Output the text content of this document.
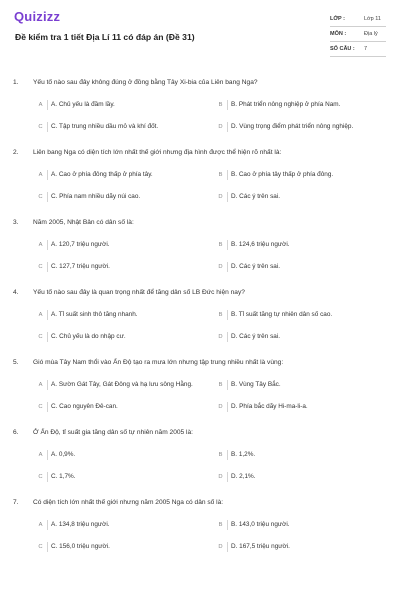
Quizizz
Đề kiểm tra 1 tiết Địa Lí 11 có đáp án (Đề 31)
LỚP :	Lớp 11
MÔN :	Địa lý
SỐ CÂU : 7
1. Yếu tố nào sau đây không đúng ở đồng bằng Tây Xi-bia của Liên bang Nga?
A	A. Chủ yếu là đầm lầy.	B	B. Phát triển nông nghiệp ở phía Nam.
C	C. Tập trung nhiều dầu mỏ và khí đốt.	D	D. Vùng trọng điểm phát triển nông nghiệp.
2. Liên bang Nga có diện tích lớn nhất thế giới nhưng địa hình được thể hiện rõ nhất là:
A	A. Cao ở phía đông thấp ở phía tây.	B	B. Cao ở phía tây thấp ở phía đông.
C	C. Phía nam nhiều dãy núi cao.	D	D. Các ý trên sai.
3. Năm 2005, Nhật Bản có dân số là:
A	A. 120,7 triệu người.	B	B. 124,6 triệu người.
C	C. 127,7 triệu người.	D	D. Các ý trên sai.
4. Yếu tố nào sau đây là quan trọng nhất để tăng dân số LB Đức hiện nay?
A	A. Tỉ suất sinh thô tăng nhanh.	B	B. Tỉ suất tăng tự nhiên dân số cao.
C	C. Chủ yếu là do nhập cư.	D	D. Các ý trên sai.
5. Gió mùa Tây Nam thổi vào Ấn Độ tạo ra mưa lớn nhưng tập trung nhiều nhất là vùng:
A	A. Sườn Gát Tây, Gát Đông và hạ lưu sông Hằng.	B	B. Vùng Tây Bắc.
C	C. Cao nguyên Đê-can.	D	D. Phía bắc dãy Hi-ma-li-a.
6. Ở Ấn Độ, tỉ suất gia tăng dân số tự nhiên năm 2005 là:
A	A. 0,9%.	B	B. 1,2%.
C	C. 1,7%.	D	D. 2,1%.
7. Có diện tích lớn nhất thế giới nhưng năm 2005 Nga có dân số là:
A	A. 134,8 triệu người.	B	B. 143,0 triệu người.
C	C. 156,0 triệu người.	D	D. 167,5 triệu người.
